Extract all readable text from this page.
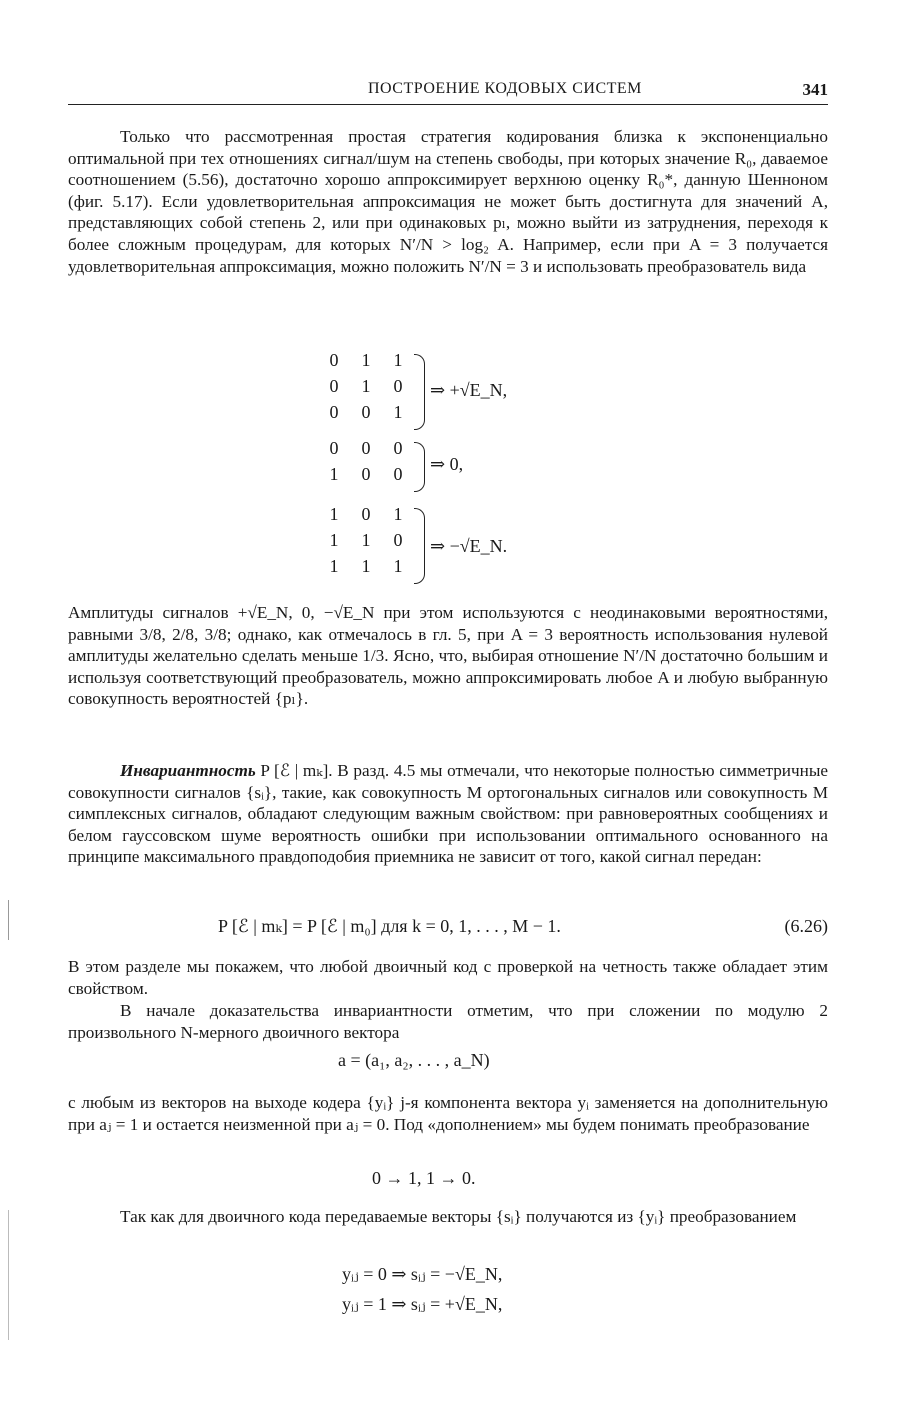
ПОСТРОЕНИЕ КОДОВЫХ СИСТЕМ	341

Только что рассмотренная простая стратегия кодирования близка к экспоненциально оптимальной при тех отношениях сигнал/шум на степень свободы, при которых значение R₀, даваемое соотношением (5.56), достаточно хорошо аппроксимирует верхнюю оценку R₀*, данную Шенноном (фиг. 5.17). Если удовлетворительная аппроксимация не может быть достигнута для значений A, представляющих собой степень 2, или при одинаковых pₗ, можно выйти из затруднения, переходя к более сложным процедурам, для которых N′/N > log₂ A. Например, если при A = 3 получается удовлетворительная аппроксимация, можно положить N′/N = 3 и использовать преобразователь вида

0 1 1
0 1 0
0 0 1
0 0 0
1 0 0
1 0 1
1 1 0
1 1 1
⇒ +√E_N,
⇒ 0,
⇒ −√E_N.

Амплитуды сигналов +√E_N, 0, −√E_N при этом используются с неодинаковыми вероятностями, равными 3/8, 2/8, 3/8; однако, как отмечалось в гл. 5, при A = 3 вероятность использования нулевой амплитуды желательно сделать меньше 1/3. Ясно, что, выбирая отношение N′/N достаточно большим и используя соответствующий преобразователь, можно аппроксимировать любое A и любую выбранную совокупность вероятностей {pₗ}.

Инвариантность P [ℰ | mₖ]. В разд. 4.5 мы отмечали, что некоторые полностью симметричные совокупности сигналов {sᵢ}, такие, как совокупность M ортогональных сигналов или совокупность M симплексных сигналов, обладают следующим важным свойством: при равновероятных сообщениях и белом гауссовском шуме вероятность ошибки при использовании оптимального основанного на принципе максимального правдоподобия приемника не зависит от того, какой сигнал передан:

P [ℰ | mₖ] = P [ℰ | m₀] для k = 0, 1, . . . , M − 1.	(6.26)

В этом разделе мы покажем, что любой двоичный код с проверкой на четность также обладает этим свойством.

В начале доказательства инвариантности отметим, что при сложении по модулю 2 произвольного N-мерного двоичного вектора

a = (a₁, a₂, . . . , a_N)

с любым из векторов на выходе кодера {yᵢ} j-я компонента вектора yᵢ заменяется на дополнительную при aⱼ = 1 и остается неизменной при aⱼ = 0. Под «дополнением» мы будем понимать преобразование

0 → 1, 1 → 0.

Так как для двоичного кода передаваемые векторы {sᵢ} получаются из {yᵢ} преобразованием

yᵢⱼ = 0 ⇒ sᵢⱼ = −√E_N,
yᵢⱼ = 1 ⇒ sᵢⱼ = +√E_N,
